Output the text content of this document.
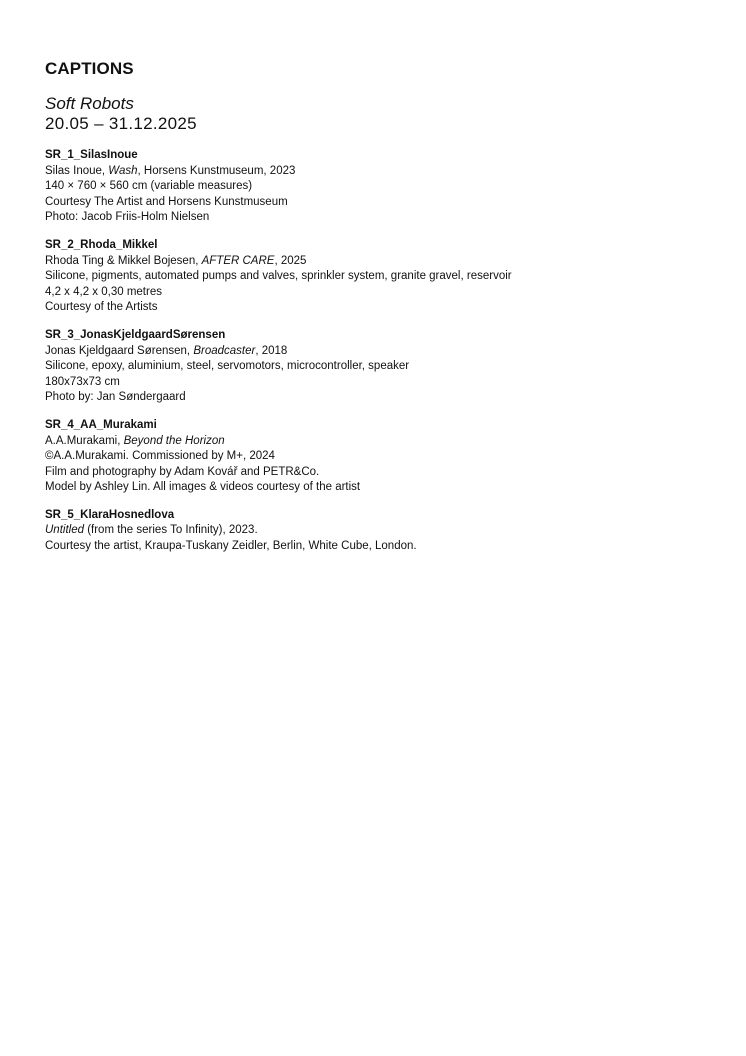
CAPTIONS
Soft Robots
20.05 – 31.12.2025
SR_1_SilasInoue
Silas Inoue, Wash, Horsens Kunstmuseum, 2023
140 × 760 × 560 cm (variable measures)
Courtesy The Artist and Horsens Kunstmuseum
Photo: Jacob Friis-Holm Nielsen
SR_2_Rhoda_Mikkel
Rhoda Ting & Mikkel Bojesen, AFTER CARE, 2025
Silicone, pigments, automated pumps and valves, sprinkler system, granite gravel, reservoir
4,2 x 4,2 x 0,30 metres
Courtesy of the Artists
SR_3_JonasKjeldgaardSørensen
Jonas Kjeldgaard Sørensen, Broadcaster, 2018
Silicone, epoxy, aluminium, steel, servomotors, microcontroller, speaker
180x73x73 cm
Photo by: Jan Søndergaard
SR_4_AA_Murakami
A.A.Murakami, Beyond the Horizon
©A.A.Murakami. Commissioned by M+, 2024
Film and photography by Adam Kovář and PETR&Co.
Model by Ashley Lin. All images & videos courtesy of the artist
SR_5_KlaraHosnedlova
Untitled (from the series To Infinity), 2023.
Courtesy the artist, Kraupa-Tuskany Zeidler, Berlin, White Cube, London.
